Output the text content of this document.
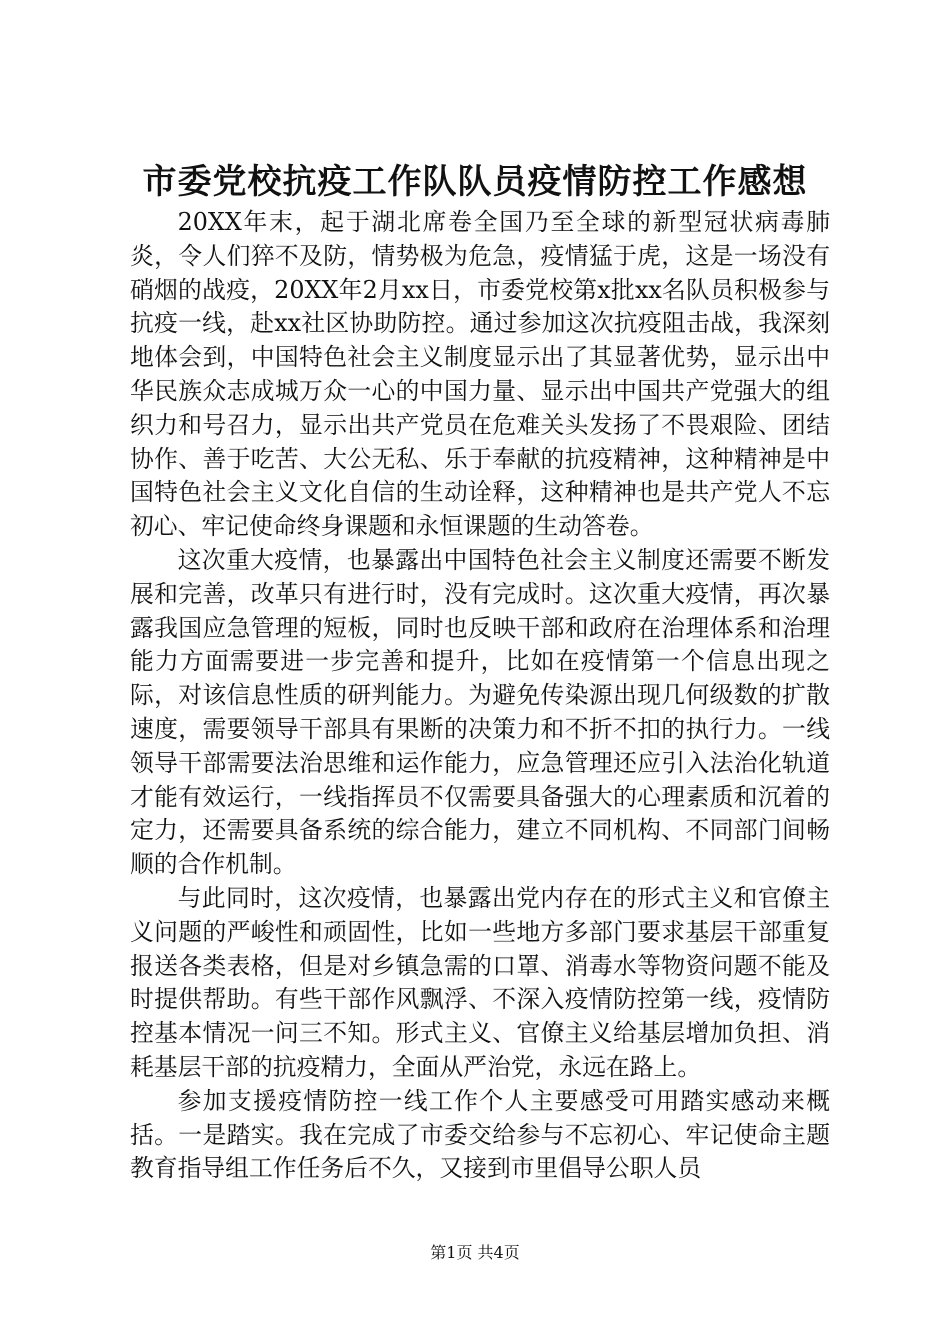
市委党校抗疫工作队队员疫情防控工作感想

20XX年末，起于湖北席卷全国乃至全球的新型冠状病毒肺炎，令人们猝不及防，情势极为危急，疫情猛于虎，这是一场没有硝烟的战疫，20XX年2月xx日，市委党校第x批xx名队员积极参与抗疫一线，赴xx社区协助防控。通过参加这次抗疫阻击战，我深刻地体会到，中国特色社会主义制度显示出了其显著优势，显示出中华民族众志成城万众一心的中国力量、显示出中国共产党强大的组织力和号召力，显示出共产党员在危难关头发扬了不畏艰险、团结协作、善于吃苦、大公无私、乐于奉献的抗疫精神，这种精神是中国特色社会主义文化自信的生动诠释，这种精神也是共产党人不忘初心、牢记使命终身课题和永恒课题的生动答卷。

这次重大疫情，也暴露出中国特色社会主义制度还需要不断发展和完善，改革只有进行时，没有完成时。这次重大疫情，再次暴露我国应急管理的短板，同时也反映干部和政府在治理体系和治理能力方面需要进一步完善和提升，比如在疫情第一个信息出现之际，对该信息性质的研判能力。为避免传染源出现几何级数的扩散速度，需要领导干部具有果断的决策力和不折不扣的执行力。一线领导干部需要法治思维和运作能力，应急管理还应引入法治化轨道才能有效运行，一线指挥员不仅需要具备强大的心理素质和沉着的定力，还需要具备系统的综合能力，建立不同机构、不同部门间畅顺的合作机制。

与此同时，这次疫情，也暴露出党内存在的形式主义和官僚主义问题的严峻性和顽固性，比如一些地方多部门要求基层干部重复报送各类表格，但是对乡镇急需的口罩、消毒水等物资问题不能及时提供帮助。有些干部作风飘浮、不深入疫情防控第一线，疫情防控基本情况一问三不知。形式主义、官僚主义给基层增加负担、消耗基层干部的抗疫精力，全面从严治党，永远在路上。

参加支援疫情防控一线工作个人主要感受可用踏实感动来概括。一是踏实。我在完成了市委交给参与不忘初心、牢记使命主题教育指导组工作任务后不久，又接到市里倡导公职人员

第1页 共4页
